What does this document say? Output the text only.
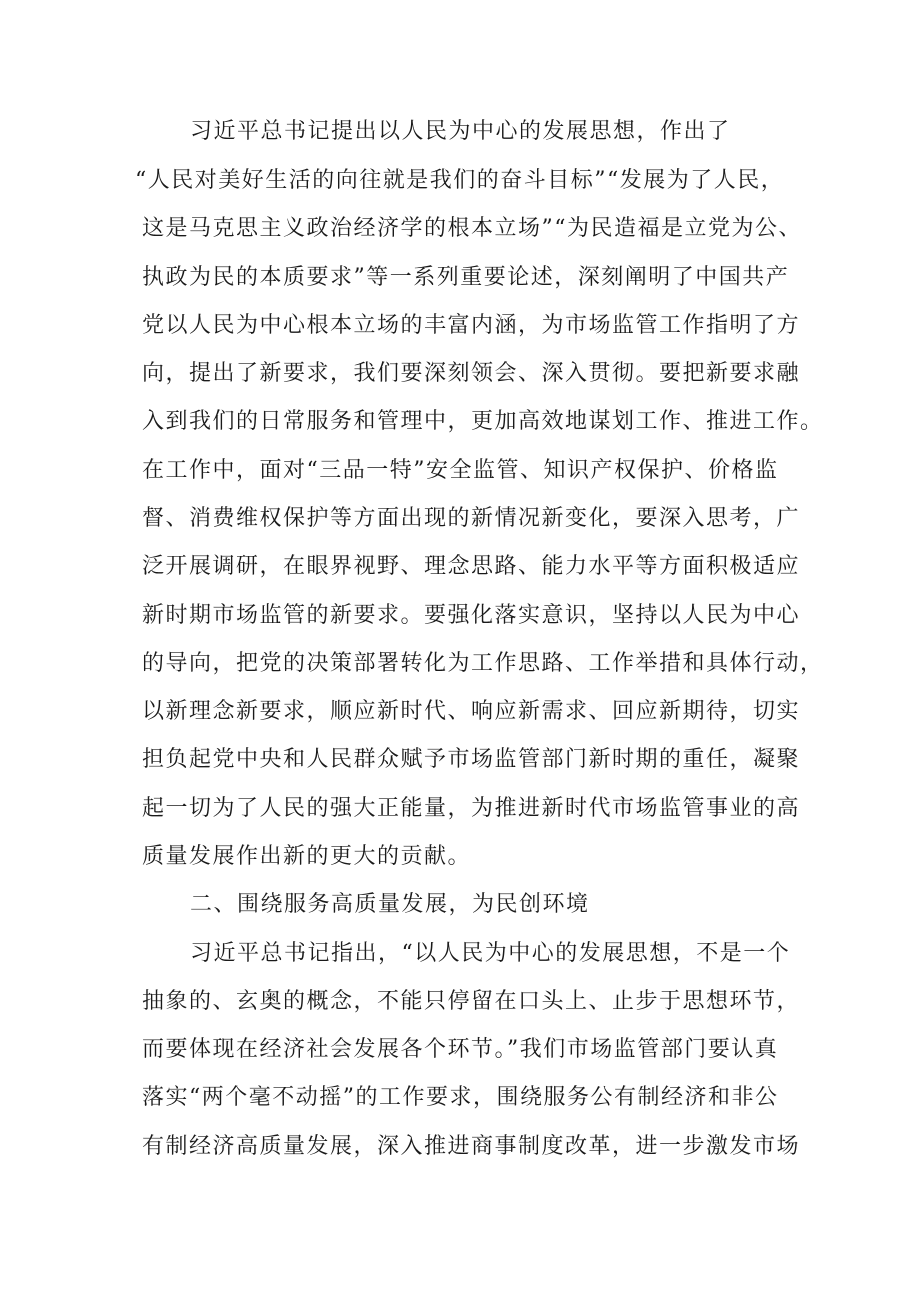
习近平总书记提出以人民为中心的发展思想，作出了
“人民对美好生活的向往就是我们的奋斗目标”“发展为了人民，
这是马克思主义政治经济学的根本立场”“为民造福是立党为公、
执政为民的本质要求”等一系列重要论述，深刻阐明了中国共产
党以人民为中心根本立场的丰富内涵，为市场监管工作指明了方
向，提出了新要求，我们要深刻领会、深入贯彻。要把新要求融
入到我们的日常服务和管理中，更加高效地谋划工作、推进工作。
在工作中，面对“三品一特”安全监管、知识产权保护、价格监
督、消费维权保护等方面出现的新情况新变化，要深入思考，广
泛开展调研，在眼界视野、理念思路、能力水平等方面积极适应
新时期市场监管的新要求。要强化落实意识，坚持以人民为中心
的导向，把党的决策部署转化为工作思路、工作举措和具体行动，
以新理念新要求，顺应新时代、响应新需求、回应新期待，切实
担负起党中央和人民群众赋予市场监管部门新时期的重任，凝聚
起一切为了人民的强大正能量，为推进新时代市场监管事业的高
质量发展作出新的更大的贡献。
二、围绕服务高质量发展，为民创环境
习近平总书记指出，“以人民为中心的发展思想，不是一个
抽象的、玄奥的概念，不能只停留在口头上、止步于思想环节，
而要体现在经济社会发展各个环节。”我们市场监管部门要认真
落实“两个毫不动摇”的工作要求，围绕服务公有制经济和非公
有制经济高质量发展，深入推进商事制度改革，进一步激发市场
